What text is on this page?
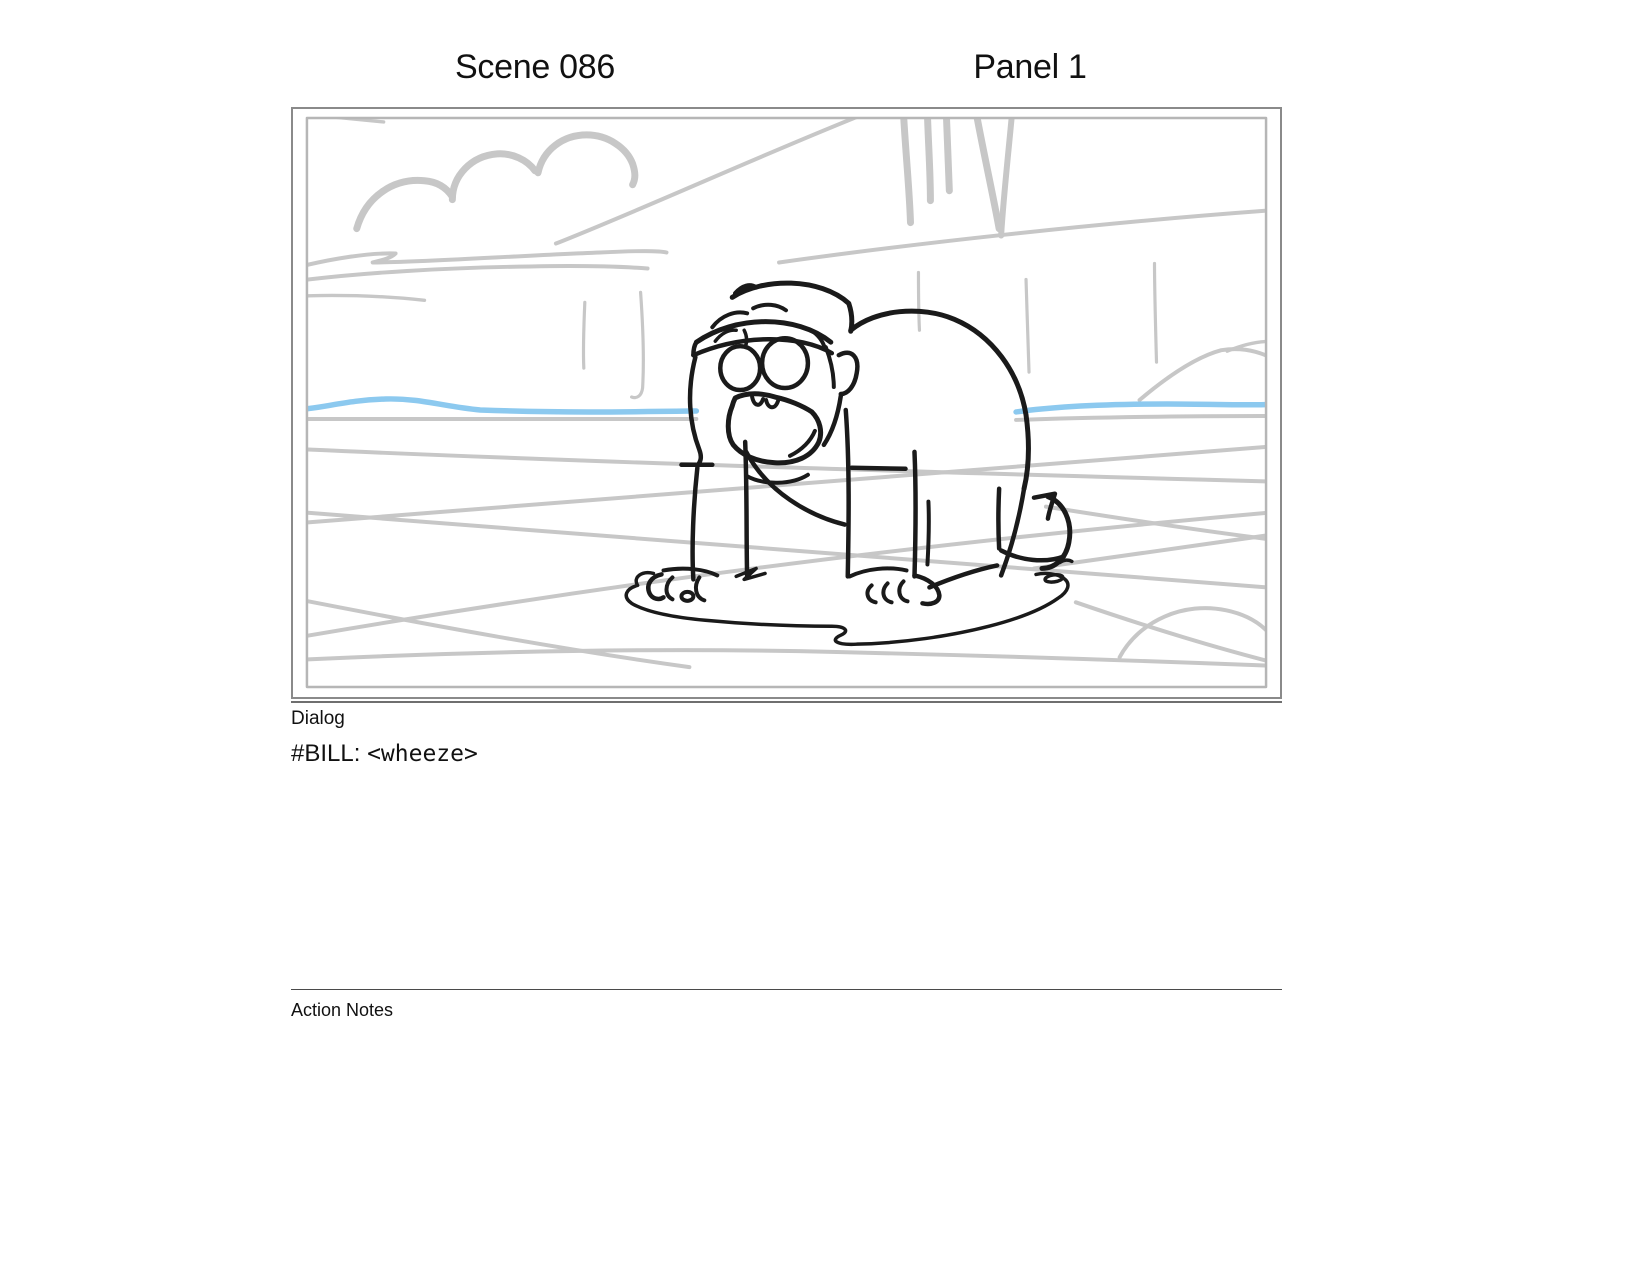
Scene 086	Panel 1
Dialog
#BILL: <wheeze>
Action Notes
